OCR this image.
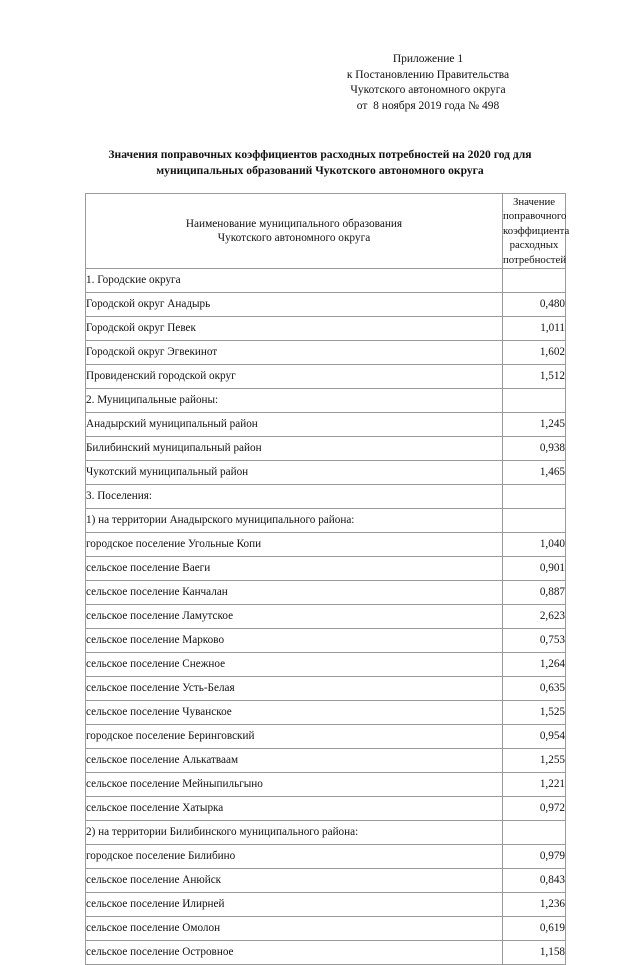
Приложение 1
к Постановлению Правительства
Чукотского автономного округа
от  8 ноября 2019 года № 498
Значения поправочных коэффициентов расходных потребностей на 2020 год для
муниципальных образований Чукотского автономного округа
Наименование муниципального образования
Чукотского автономного округа

Значение
поправочного
коэффициента
расходных
потребностей

1. Городские округа	
Городской округ Анадырь	0,480
Городской округ Певек	1,011
Городской округ Эгвекинот	1,602
Провиденский городской округ	1,512
2. Муниципальные районы:	
Анадырский муниципальный район	1,245
Билибинский муниципальный район	0,938
Чукотский муниципальный район	1,465
3. Поселения:	
1) на территории Анадырского муниципального района:	
городское поселение Угольные Копи	1,040
сельское поселение Ваеги	0,901
сельское поселение Канчалан	0,887
сельское поселение Ламутское	2,623
сельское поселение Марково	0,753
сельское поселение Снежное	1,264
сельское поселение Усть-Белая	0,635
сельское поселение Чуванское	1,525
городское поселение Беринговский	0,954
сельское поселение Алькатваам	1,255
сельское поселение Мейныпильгыно	1,221
сельское поселение Хатырка	0,972
2) на территории Билибинского муниципального района:	
городское поселение Билибино	0,979
сельское поселение Анюйск	0,843
сельское поселение Илирней	1,236
сельское поселение Омолон	0,619
сельское поселение Островное	1,158
